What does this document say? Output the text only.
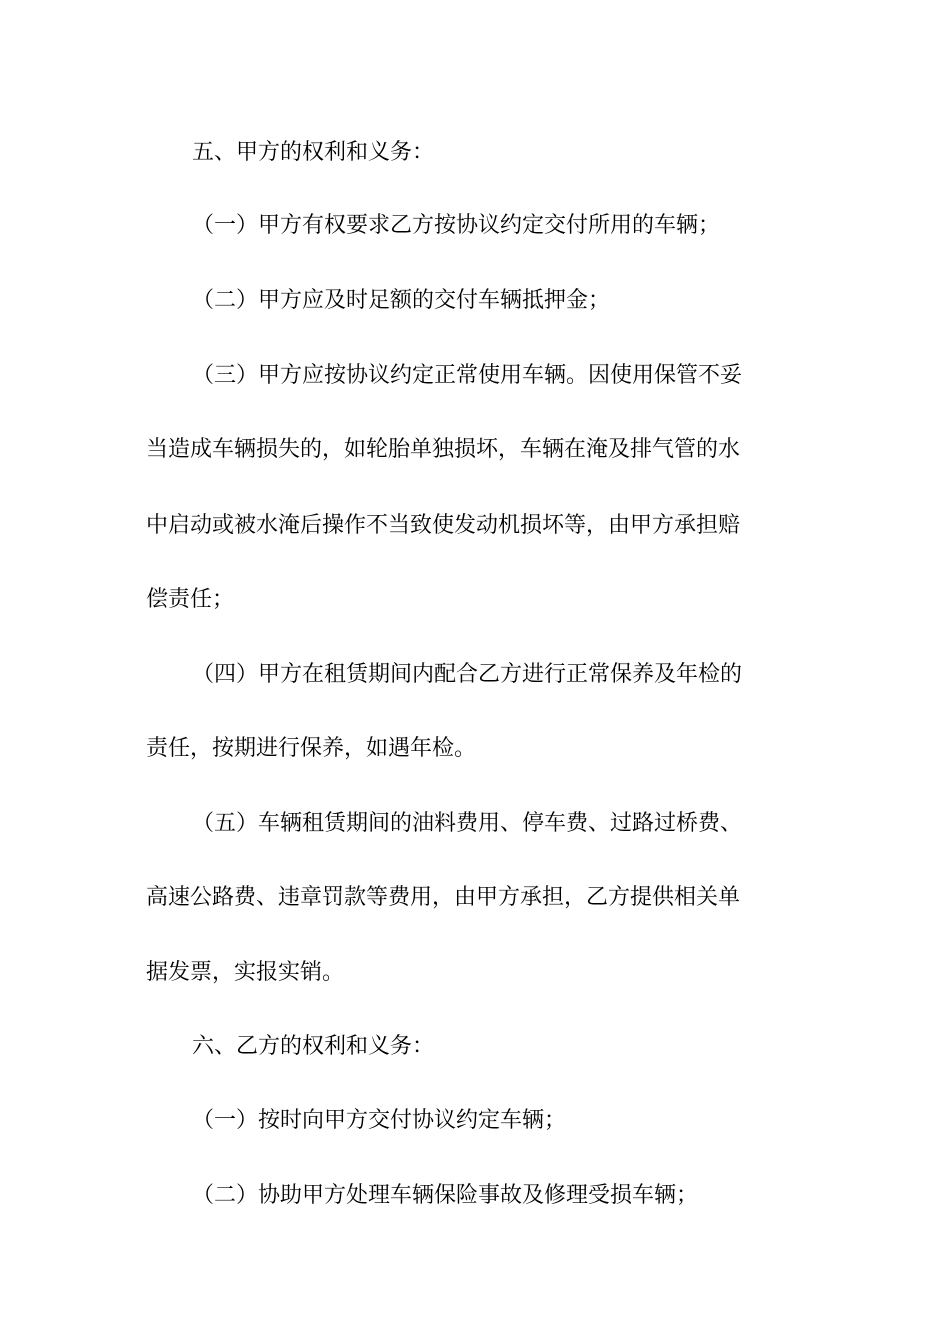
五、甲方的权利和义务：
（一）甲方有权要求乙方按协议约定交付所用的车辆；
（二）甲方应及时足额的交付车辆抵押金；
（三）甲方应按协议约定正常使用车辆。因使用保管不妥
当造成车辆损失的，如轮胎单独损坏，车辆在淹及排气管的水
中启动或被水淹后操作不当致使发动机损坏等，由甲方承担赔
偿责任；
（四）甲方在租赁期间内配合乙方进行正常保养及年检的
责任，按期进行保养，如遇年检。
（五）车辆租赁期间的油料费用、停车费、过路过桥费、
高速公路费、违章罚款等费用，由甲方承担，乙方提供相关单
据发票，实报实销。
六、乙方的权利和义务：
（一）按时向甲方交付协议约定车辆；
（二）协助甲方处理车辆保险事故及修理受损车辆；
